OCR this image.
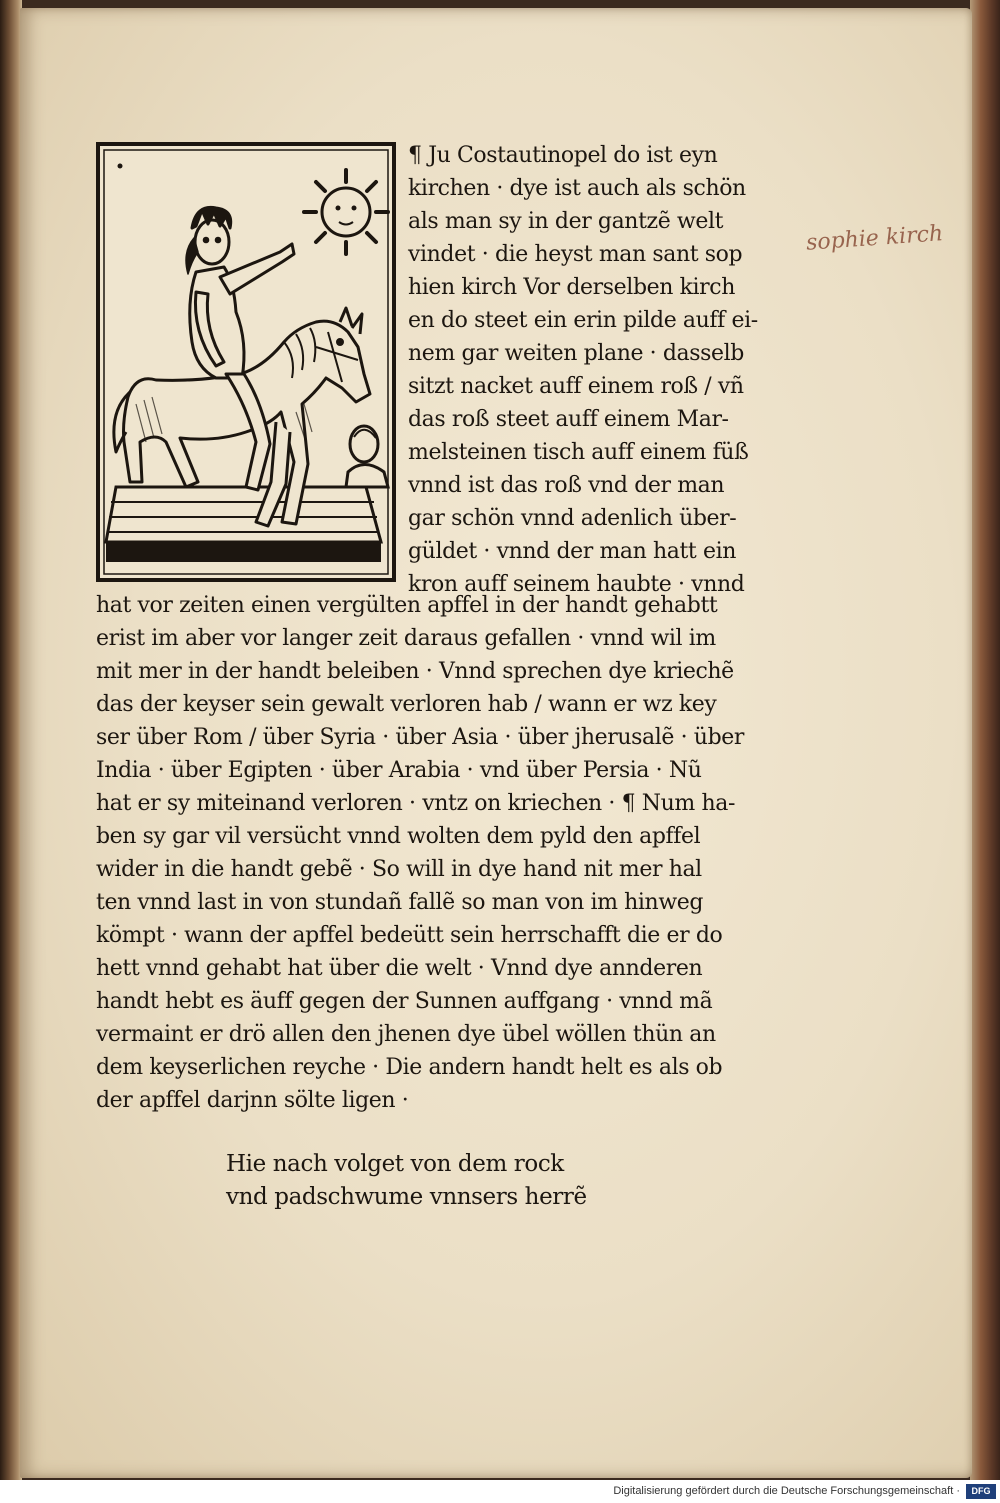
¶ Ju Costautinopel do ist eyn
kirchen · dye ist auch als schön
als man sy in der gantzẽ welt
vindet · die heyst man sant sop
hien kirch Vor derselben kirch
en do steet ein erin pilde auff ei-
nem gar weiten plane · dasselb
sitzt nacket auff einem roß / vñ
das roß steet auff einem Mar-
melsteinen tisch auff einem füß
vnnd ist das roß vnd der man
gar schön vnnd adenlich über-
güldet · vnnd der man hatt ein
kron auff seinem haubte · vnnd
hat vor zeiten einen vergülten apffel in der handt gehabtt
erist im aber vor langer zeit daraus gefallen · vnnd wil im
mit mer in der handt beleiben · Vnnd sprechen dye kriechẽ
das der keyser sein gewalt verloren hab / wann er wz key
ser über Rom / über Syria · über Asia · über jherusalẽ · über
India · über Egipten · über Arabia · vnd über Persia · Nũ
hat er sy miteinand verloren · vntz on kriechen · ¶ Num ha-
ben sy gar vil versücht vnnd wolten dem pyld den apffel
wider in die handt gebẽ · So will in dye hand nit mer hal
ten vnnd last in von stundañ fallẽ so man von im hinweg
kömpt · wann der apffel bedeütt sein herrschafft die er do
hett vnnd gehabt hat über die welt · Vnnd dye annderen
handt hebt es äuff gegen der Sunnen auffgang · vnnd mã
vermaint er drö allen den jhenen dye übel wöllen thün an
dem keyserlichen reyche · Die andern handt helt es als ob
der apffel darjnn sölte ligen ·
Hie nach volget von dem rock
vnd padschwume vnnsers herrẽ
sophie kirch
Digitalisierung gefördert durch die Deutsche Forschungsgemeinschaft ·	DFG
